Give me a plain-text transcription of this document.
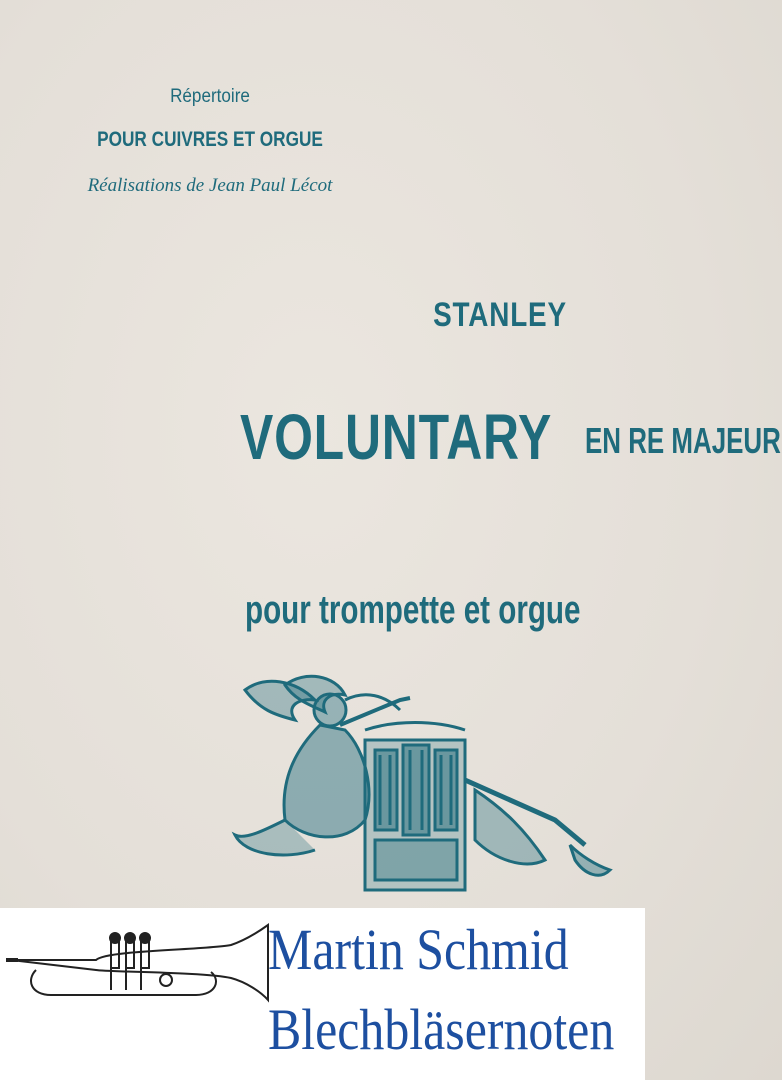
Répertoire
POUR CUIVRES ET ORGUE
Réalisations de Jean Paul Lécot
STANLEY
VOLUNTARY EN RE MAJEUR
pour trompette et orgue
Martin Schmid
Blechbläsernoten
